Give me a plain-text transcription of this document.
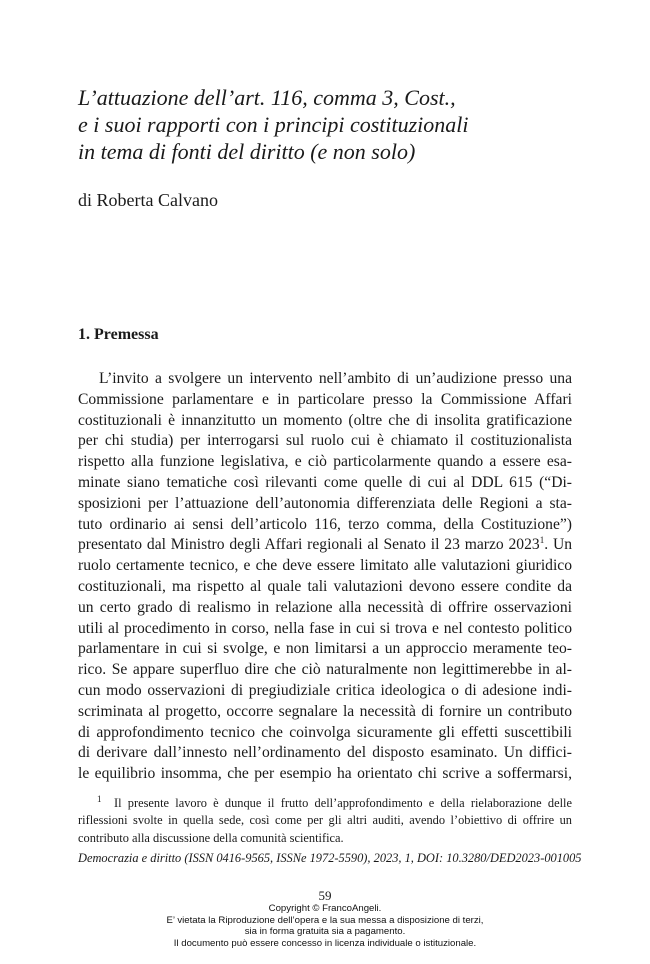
L’attuazione dell’art. 116, comma 3, Cost.,
e i suoi rapporti con i principi costituzionali
in tema di fonti del diritto (e non solo)
di Roberta Calvano
1. Premessa
L’invito a svolgere un intervento nell’ambito di un’audizione presso una
Commissione parlamentare e in particolare presso la Commissione Affari
costituzionali è innanzitutto un momento (oltre che di insolita gratificazione
per chi studia) per interrogarsi sul ruolo cui è chiamato il costituzionalista
rispetto alla funzione legislativa, e ciò particolarmente quando a essere esa-
minate siano tematiche così rilevanti come quelle di cui al DDL 615 (“Di-
sposizioni per l’attuazione dell’autonomia differenziata delle Regioni a sta-
tuto ordinario ai sensi dell’articolo 116, terzo comma, della Costituzione”)
presentato dal Ministro degli Affari regionali al Senato il 23 marzo 2023$^1$. Un
ruolo certamente tecnico, e che deve essere limitato alle valutazioni giuridico
costituzionali, ma rispetto al quale tali valutazioni devono essere condite da
un certo grado di realismo in relazione alla necessità di offrire osservazioni
utili al procedimento in corso, nella fase in cui si trova e nel contesto politico
parlamentare in cui si svolge, e non limitarsi a un approccio meramente teo-
rico. Se appare superfluo dire che ciò naturalmente non legittimerebbe in al-
cun modo osservazioni di pregiudiziale critica ideologica o di adesione indi-
scriminata al progetto, occorre segnalare la necessità di fornire un contributo
di approfondimento tecnico che coinvolga sicuramente gli effetti suscettibili
di derivare dall’innesto nell’ordinamento del disposto esaminato. Un diffici-
le equilibrio insomma, che per esempio ha orientato chi scrive a soffermarsi,
$^1$ Il presente lavoro è dunque il frutto dell’approfondimento e della rielaborazione delle
riflessioni svolte in quella sede, così come per gli altri auditi, avendo l’obiettivo di offrire un
contributo alla discussione della comunità scientifica.
Democrazia e diritto (ISSN 0416-9565, ISSNe 1972-5590), 2023, 1, DOI: 10.3280/DED2023-001005
59
Copyright © FrancoAngeli.
E’ vietata la Riproduzione dell’opera e la sua messa a disposizione di terzi,
sia in forma gratuita sia a pagamento.
Il documento può essere concesso in licenza individuale o istituzionale.
